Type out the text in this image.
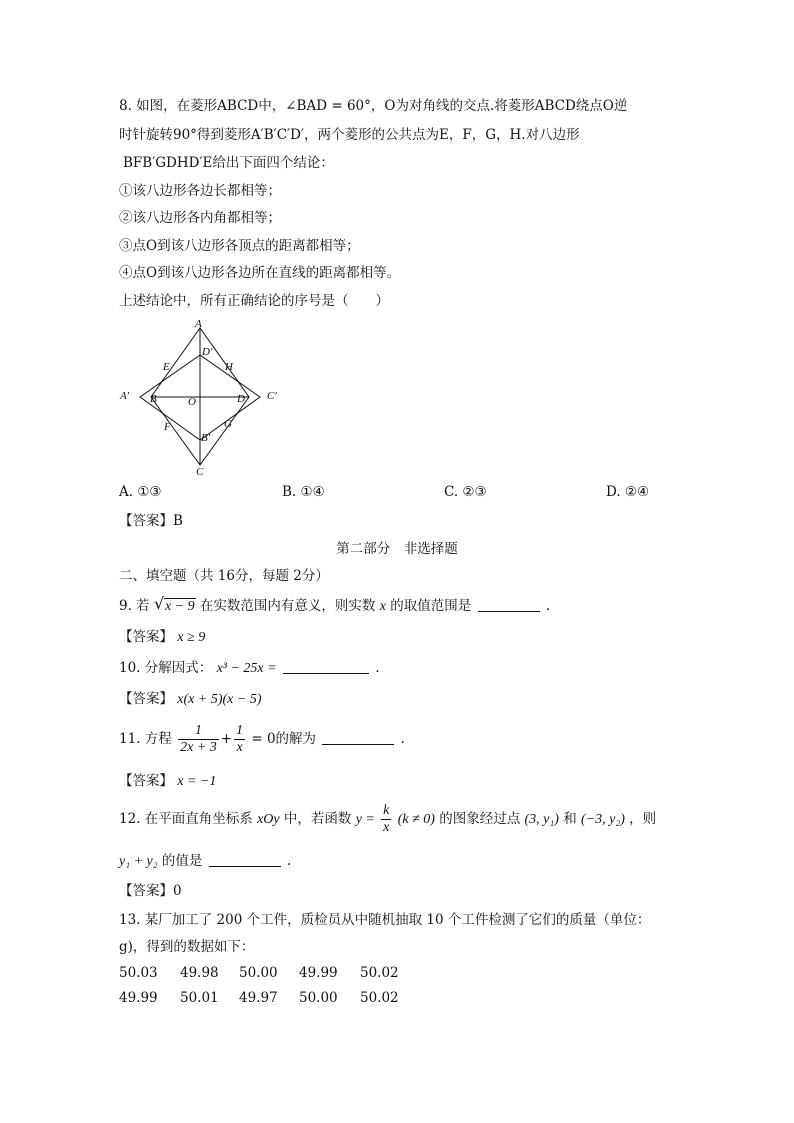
8. 如图，在菱形ABCD中，∠BAD = 60°，O为对角线的交点.将菱形ABCD绕点O逆
时针旋转90°得到菱形A′B′C′D′，两个菱形的公共点为E，F，G，H.对八边形
BFB′GDHD′E给出下面四个结论：
①该八边形各边长都相等；
②该八边形各内角都相等；
③点O到该八边形各顶点的距离都相等；
④点O到该八边形各边所在直线的距离都相等。
上述结论中，所有正确结论的序号是（　　）
A
D′
E	H
A′ B	O	D C′
F
B′
G
C
A. ①③	B. ①④	C. ②③	D. ②④
【答案】B
第二部分　非选择题
二、填空题（共 16分，每题 2分）
9. 若 √ x − 9 在实数范围内有意义，则实数 x 的取值范围是	.
【答案】 x ≥ 9
10. 分解因式： x³ − 25x =	.
【答案】 x(x + 5)(x − 5)
11. 方程 $\frac{1}{2x + 3} + \frac{1}{x} = 0$的解为	.
【答案】 x = −1
12. 在平面直角坐标系 xOy 中，若函数 $y = \frac{k}{x} (k \ne 0)$ 的图象经过点 (3, y₁) 和 (−3, y₂) ，则
y₁ + y₂ 的值是	.
【答案】0
13. 某厂加工了 200 个工件，质检员从中随机抽取 10 个工件检测了它们的质量（单位：
g)，得到的数据如下：
50.03 49.98 50.00 49.99 50.02
49.99 50.01 49.97 50.00 50.02
